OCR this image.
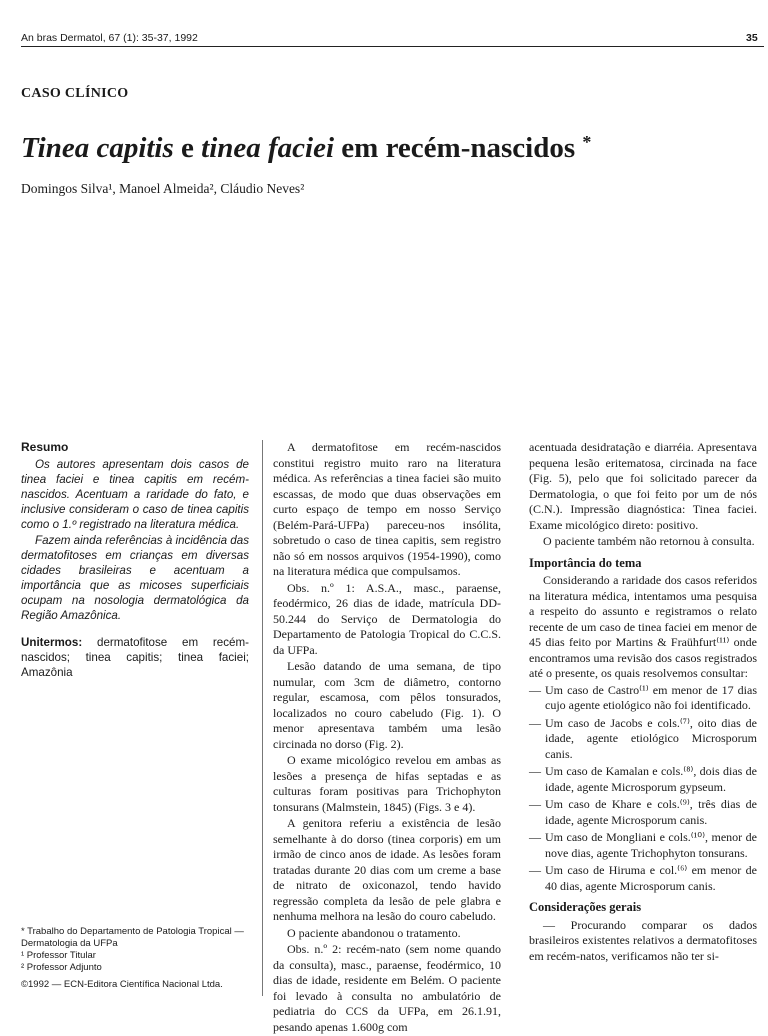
An bras Dermatol, 67 (1): 35-37, 1992	35
CASO CLÍNICO
Tinea capitis e tinea faciei em recém-nascidos *
Domingos Silva¹, Manoel Almeida², Cláudio Neves²
Resumo

Os autores apresentam dois casos de tinea faciei e tinea capitis em recém-nascidos. Acentuam a raridade do fato, e inclusive consideram o caso de tinea capitis como o 1.º registrado na literatura médica.

Fazem ainda referências à incidência das dermatofitoses em crianças em diversas cidades brasileiras e acentuam a importância que as micoses superficiais ocupam na nosologia dermatológica da Região Amazônica.

Unitermos: dermatofitose em recém-nascidos; tinea capitis; tinea faciei; Amazônia

* Trabalho do Departamento de Patologia Tropical — Dermatologia da UFPa
¹ Professor Titular
² Professor Adjunto
©1992 — ECN-Editora Científica Nacional Ltda.

A dermatofitose em recém-nascidos constitui registro muito raro na literatura médica. As referências a tinea faciei são muito escassas, de modo que duas observações em curto espaço de tempo em nosso Serviço (Belém-Pará-UFPa) pareceu-nos insólita, sobretudo o caso de tinea capitis, sem registro não só em nossos arquivos (1954-1990), como na literatura médica que compulsamos.

Obs. n.º 1: A.S.A., masc., paraense, feodérmico, 26 dias de idade, matrícula DD-50.244 do Serviço de Dermatologia do Departamento de Patologia Tropical do C.C.S. da UFPa.

Lesão datando de uma semana, de tipo numular, com 3cm de diâmetro, contorno regular, escamosa, com pêlos tonsurados, localizados no couro cabeludo (Fig. 1). O menor apresentava também uma lesão circinada no dorso (Fig. 2).

O exame micológico revelou em ambas as lesões a presença de hifas septadas e as culturas foram positivas para Trichophyton tonsurans (Malmstein, 1845) (Figs. 3 e 4).

A genitora referiu a existência de lesão semelhante à do dorso (tinea corporis) em um irmão de cinco anos de idade. As lesões foram tratadas durante 20 dias com um creme a base de nitrato de oxiconazol, tendo havido regressão completa da lesão de pele glabra e nenhuma melhora na lesão do couro cabeludo.

O paciente abandonou o tratamento.

Obs. n.º 2: recém-nato (sem nome quando da consulta), masc., paraense, feodérmico, 10 dias de idade, residente em Belém. O paciente foi levado à consulta no ambulatório de pediatria do CCS da UFPa, em 26.1.91, pesando apenas 1.600g com

acentuada desidratação e diarréia. Apresentava pequena lesão eritematosa, circinada na face (Fig. 5), pelo que foi solicitado parecer da Dermatologia, o que foi feito por um de nós (C.N.). Impressão diagnóstica: Tinea faciei. Exame micológico direto: positivo.

O paciente também não retornou à consulta.

Importância do tema

Considerando a raridade dos casos referidos na literatura médica, intentamos uma pesquisa a respeito do assunto e registramos o relato recente de um caso de tinea faciei em menor de 45 dias feito por Martins & Fraühfurt⁽¹¹⁾ onde encontramos uma revisão dos casos registrados até o presente, os quais resolvemos consultar:

— Um caso de Castro⁽¹⁾ em menor de 17 dias cujo agente etiológico não foi identificado.
— Um caso de Jacobs e cols.⁽⁷⁾, oito dias de idade, agente etiológico Microsporum canis.
— Um caso de Kamalan e cols.⁽⁸⁾, dois dias de idade, agente Microsporum gypseum.
— Um caso de Khare e cols.⁽⁹⁾, três dias de idade, agente Microsporum canis.
— Um caso de Mongliani e cols.⁽¹⁰⁾, menor de nove dias, agente Trichophyton tonsurans.
— Um caso de Hiruma e col.⁽⁶⁾ em menor de 40 dias, agente Microsporum canis.
Considerações gerais

— Procurando comparar os dados brasileiros existentes relativos a dermatofitoses em recém-natos, verificamos não ter si-
